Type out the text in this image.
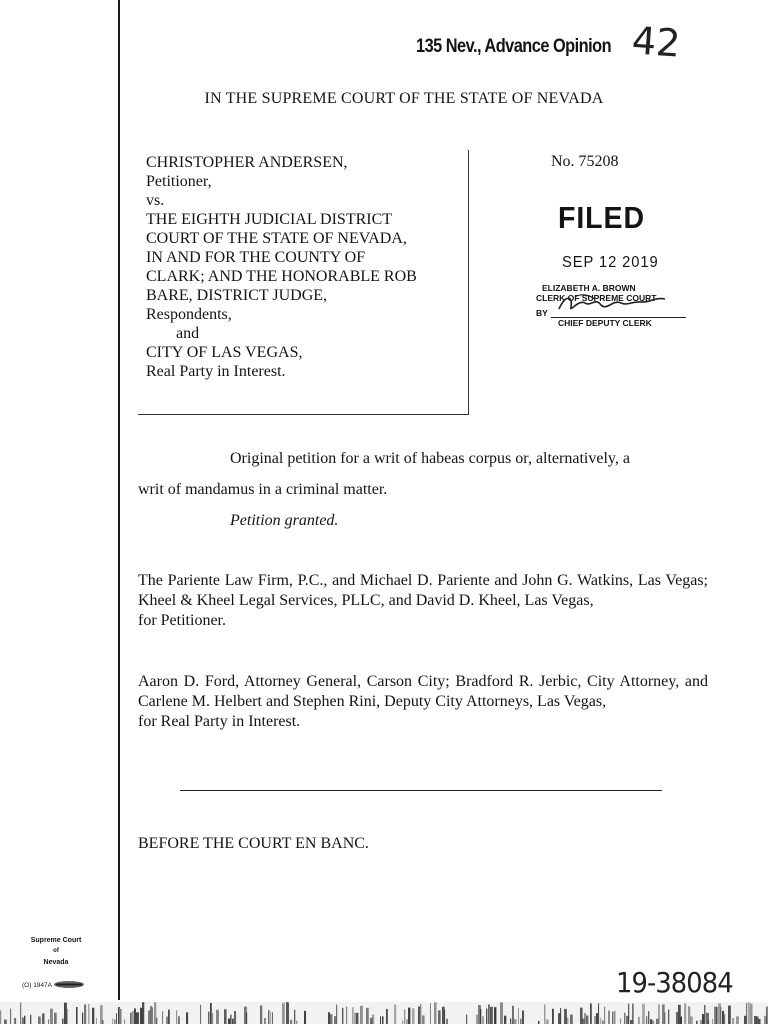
135 Nev., Advance Opinion 42
IN THE SUPREME COURT OF THE STATE OF NEVADA
CHRISTOPHER ANDERSEN,
Petitioner,
vs.
THE EIGHTH JUDICIAL DISTRICT
COURT OF THE STATE OF NEVADA,
IN AND FOR THE COUNTY OF
CLARK; AND THE HONORABLE ROB
BARE, DISTRICT JUDGE,
Respondents,
and
CITY OF LAS VEGAS,
Real Party in Interest.
No. 75208
FILED
SEP 12 2019
ELIZABETH A. BROWN
CLERK OF SUPREME COURT
BY
CHIEF DEPUTY CLERK
Original petition for a writ of habeas corpus or, alternatively, a
writ of mandamus in a criminal matter.
Petition granted.
The Pariente Law Firm, P.C., and Michael D. Pariente and John G. Watkins, Las Vegas; Kheel & Kheel Legal Services, PLLC, and David D. Kheel, Las Vegas,
for Petitioner.
Aaron D. Ford, Attorney General, Carson City; Bradford R. Jerbic, City Attorney, and Carlene M. Helbert and Stephen Rini, Deputy City Attorneys, Las Vegas,
for Real Party in Interest.
BEFORE THE COURT EN BANC.
Supreme Court
of
Nevada
(O) 1947A	19-38084
